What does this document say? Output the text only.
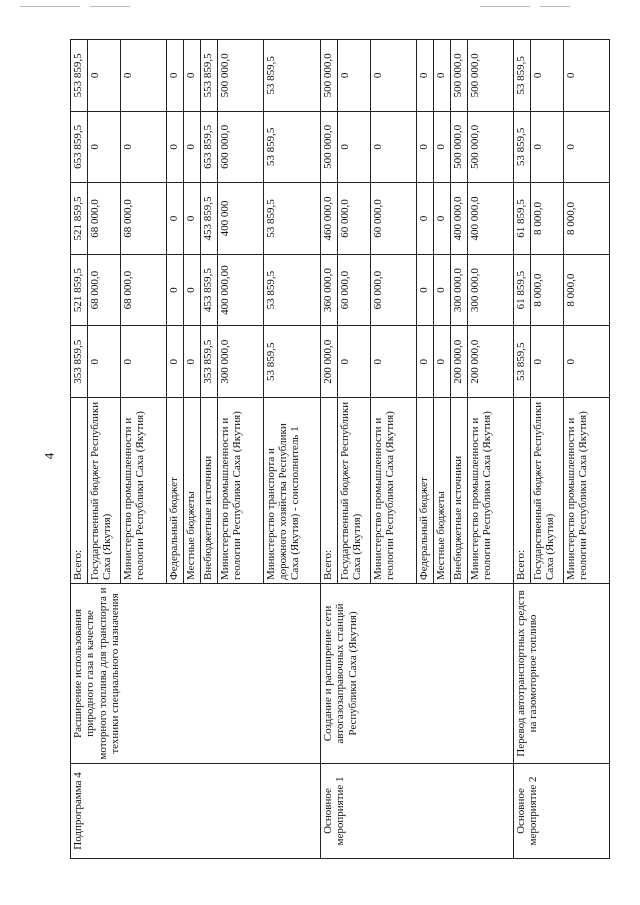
4
Подпрограмма 4	Расширение использования природного газа в качестве моторного топлива для транспорта и техники специального назначения	Всего:	353 859,5	521 859,5	521 859,5	653 859,5	553 859,5
		Государственный бюджет Республики Саха (Якутия)	0	68 000,0	68 000,0	0	0
		Министерство промышленности и геологии Республики Саха (Якутия)	0	68 000,0	68 000,0	0	0
		Федеральный бюджет	0	0	0	0	0
		Местные бюджеты	0	0	0	0	0
		Внебюджетные источники	353 859,5	453 859,5	453 859,5	653 859,5	553 859,5
		Министерство промышленности и геологии Республики Саха (Якутия)	300 000,0	400 000,00	400 000	600 000,0	500 000,0
		Министерство транспорта и дорожного хозяйства Республики Саха (Якутия) - соисполнитель 1	53 859,5	53 859,5	53 859,5	53 859,5	53 859,5
Основное мероприятие 1	Создание и расширение сети автогазозаправочных станций Республики Саха (Якутия)	Всего:	200 000,0	360 000,0	460 000,0	500 000,0	500 000,0
		Государственный бюджет Республики Саха (Якутия)	0	60 000,0	60 000,0	0	0
		Министерство промышленности и геологии Республики Саха (Якутия)	0	60 000,0	60 000,0	0	0
		Федеральный бюджет	0	0	0	0	0
		Местные бюджеты	0	0	0	0	0
		Внебюджетные источники	200 000,0	300 000,0	400 000,0	500 000,0	500 000,0
		Министерство промышленности и геологии Республики Саха (Якутия)	200 000,0	300 000,0	400 000,0	500 000,0	500 000,0
Основное мероприятие 2	Перевод автотранспортных средств на газомоторное топливо	Всего:	53 859,5	61 859,5	61 859,5	53 859,5	53 859,5
		Государственный бюджет Республики Саха (Якутия)	0	8 000,0	8 000,0	0	0
		Министерство промышленности и геологии Республики Саха (Якутия)	0	8 000,0	8 000,0	0	0
